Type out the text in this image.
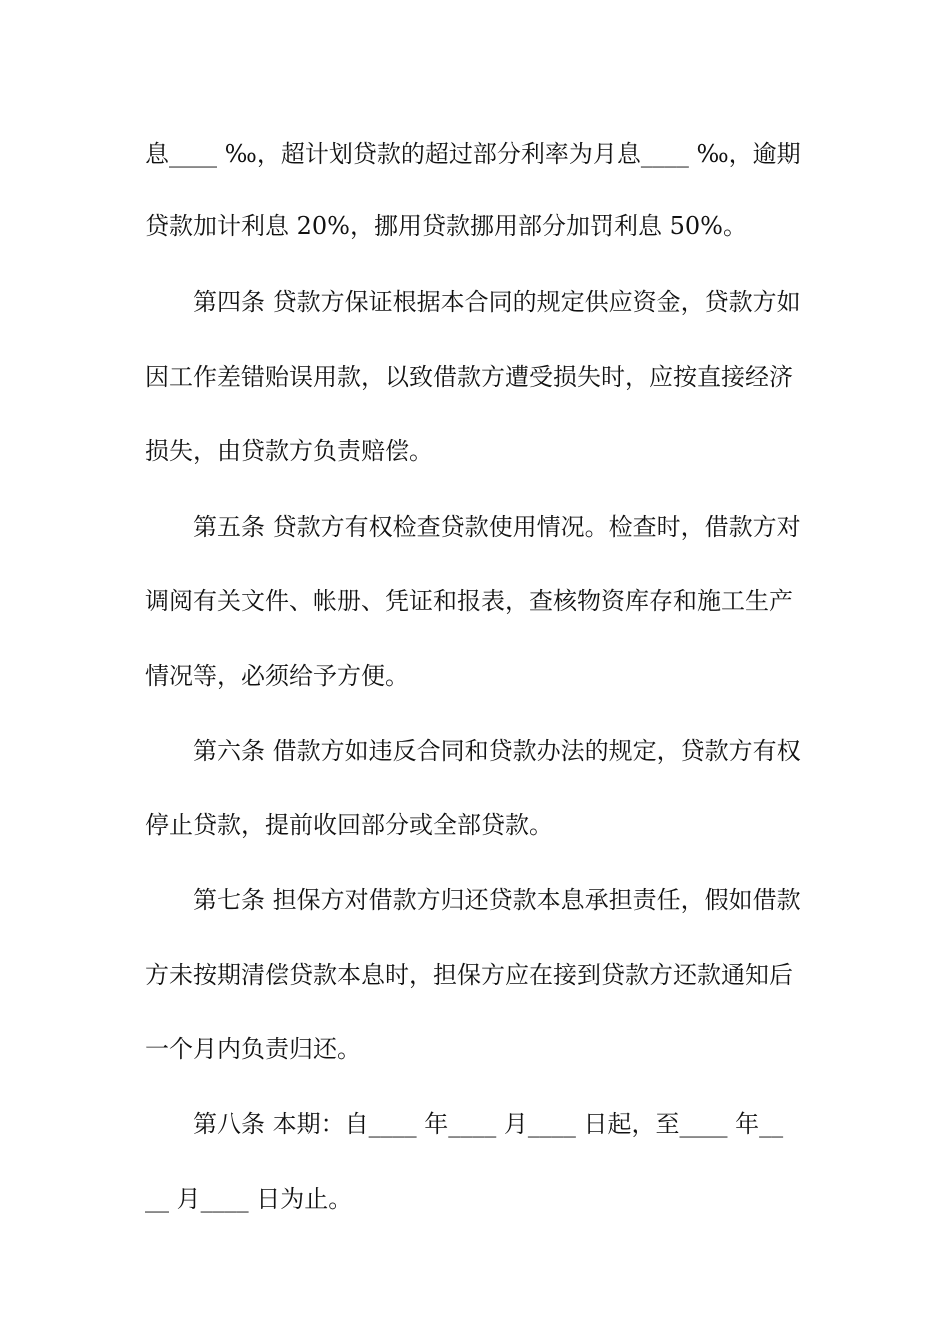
息____ ‰，超计划贷款的超过部分利率为月息____ ‰，逾期
贷款加计利息 20%，挪用贷款挪用部分加罚利息 50%。
第四条 贷款方保证根据本合同的规定供应资金，贷款方如
因工作差错贻误用款，以致借款方遭受损失时，应按直接经济
损失，由贷款方负责赔偿。
第五条 贷款方有权检查贷款使用情况。检查时，借款方对
调阅有关文件、帐册、凭证和报表，查核物资库存和施工生产
情况等，必须给予方便。
第六条 借款方如违反合同和贷款办法的规定，贷款方有权
停止贷款，提前收回部分或全部贷款。
第七条 担保方对借款方归还贷款本息承担责任，假如借款
方未按期清偿贷款本息时，担保方应在接到贷款方还款通知后
一个月内负责归还。
第八条 本期：自____ 年____ 月____ 日起，至____ 年__
__ 月____ 日为止。
